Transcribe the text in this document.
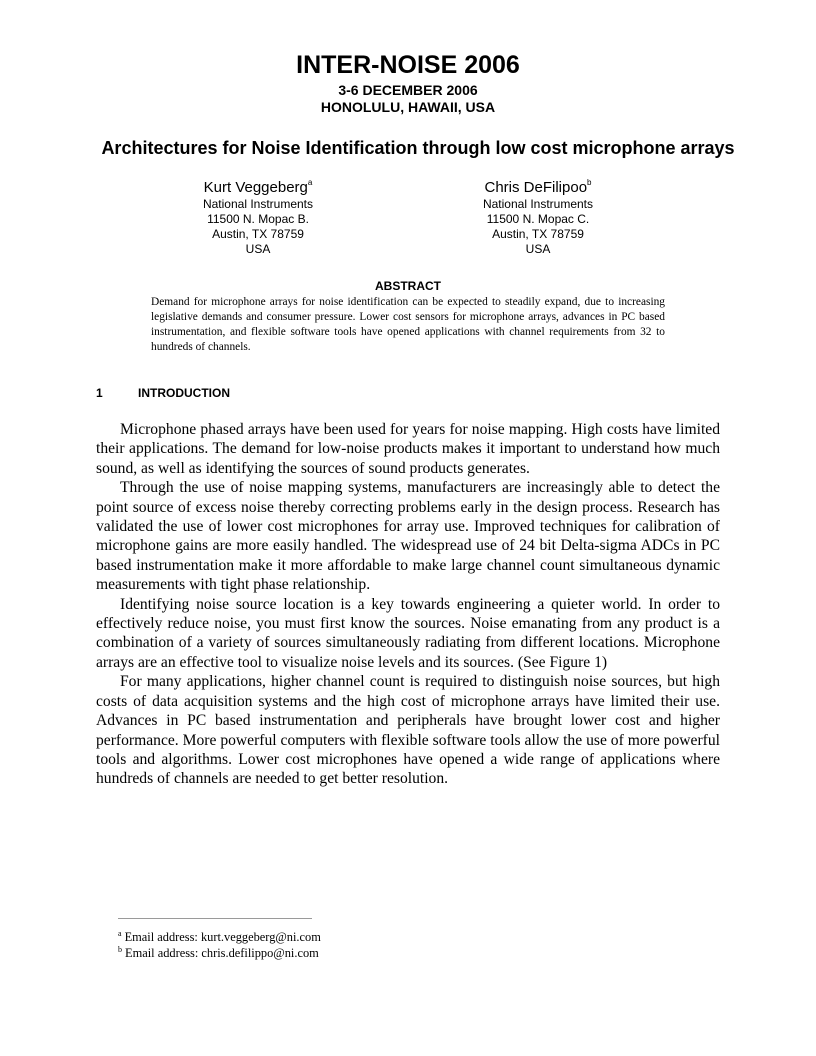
INTER-NOISE 2006
3-6 DECEMBER 2006
HONOLULU, HAWAII, USA
Architectures for Noise Identification through low cost microphone arrays
Kurt Veggeberg$^a$
National Instruments
11500 N. Mopac B.
Austin, TX 78759
USA
Chris DeFilipoo$^b$
National Instruments
11500 N. Mopac C.
Austin, TX 78759
USA
ABSTRACT
Demand for microphone arrays for noise identification can be expected to steadily expand, due to increasing legislative demands and consumer pressure. Lower cost sensors for microphone arrays, advances in PC based instrumentation, and flexible software tools have opened applications with channel requirements from 32 to hundreds of channels.
1	INTRODUCTION

Microphone phased arrays have been used for years for noise mapping. High costs have limited their applications. The demand for low-noise products makes it important to understand how much sound, as well as identifying the sources of sound products generates.

Through the use of noise mapping systems, manufacturers are increasingly able to detect the point source of excess noise thereby correcting problems early in the design process. Research has validated the use of lower cost microphones for array use. Improved techniques for calibration of microphone gains are more easily handled. The widespread use of 24 bit Delta-sigma ADCs in PC based instrumentation make it more affordable to make large channel count simultaneous dynamic measurements with tight phase relationship.

Identifying noise source location is a key towards engineering a quieter world. In order to effectively reduce noise, you must first know the sources. Noise emanating from any product is a combination of a variety of sources simultaneously radiating from different locations. Microphone arrays are an effective tool to visualize noise levels and its sources. (See Figure 1)

For many applications, higher channel count is required to distinguish noise sources, but high costs of data acquisition systems and the high cost of microphone arrays have limited their use. Advances in PC based instrumentation and peripherals have brought lower cost and higher performance. More powerful computers with flexible software tools allow the use of more powerful tools and algorithms. Lower cost microphones have opened a wide range of applications where hundreds of channels are needed to get better resolution.

$^a$ Email address: kurt.veggeberg@ni.com
$^b$ Email address: chris.defilippo@ni.com
